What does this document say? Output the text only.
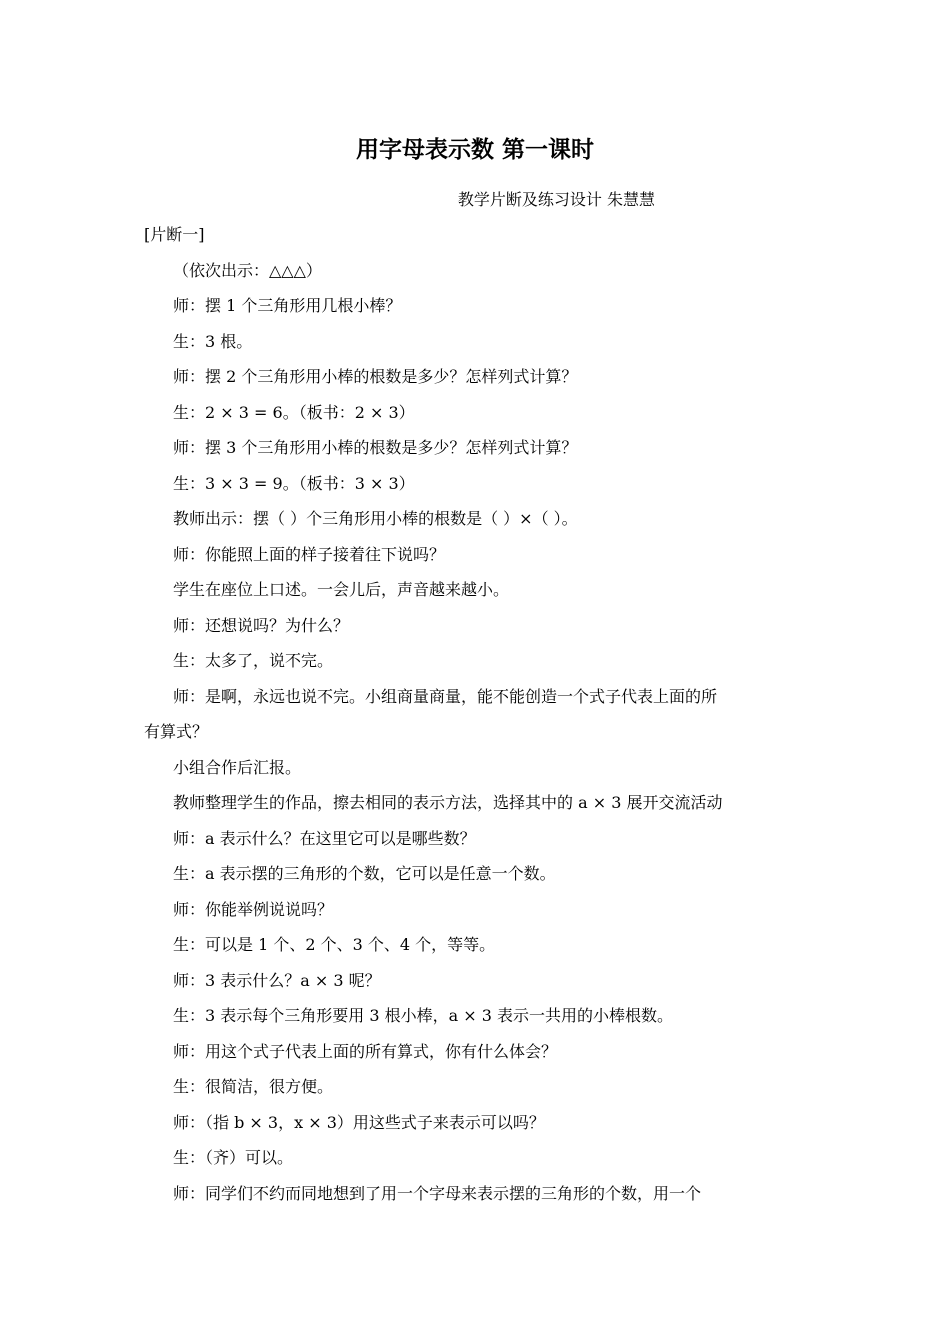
用字母表示数 第一课时
教学片断及练习设计 朱慧慧
[片断一]
（依次出示：△△△）
师：摆 1 个三角形用几根小棒？
生：3 根。
师：摆 2 个三角形用小棒的根数是多少？怎样列式计算？
生：2 × 3 = 6。（板书：2 × 3）
师：摆 3 个三角形用小棒的根数是多少？怎样列式计算？
生：3 × 3 = 9。（板书：3 × 3）
教师出示：摆（ ）个三角形用小棒的根数是（ ）×（ ）。
师：你能照上面的样子接着往下说吗？
学生在座位上口述。一会儿后，声音越来越小。
师：还想说吗？为什么？
生：太多了，说不完。
师：是啊，永远也说不完。小组商量商量，能不能创造一个式子代表上面的所
有算式？
小组合作后汇报。
教师整理学生的作品，擦去相同的表示方法，选择其中的 a × 3 展开交流活动
师：a 表示什么？在这里它可以是哪些数？
生：a 表示摆的三角形的个数，它可以是任意一个数。
师：你能举例说说吗？
生：可以是 1 个、2 个、3 个、4 个，等等。
师：3 表示什么？a × 3 呢？
生：3 表示每个三角形要用 3 根小棒，a × 3 表示一共用的小棒根数。
师：用这个式子代表上面的所有算式，你有什么体会？
生：很简洁，很方便。
师：（指 b × 3，x × 3）用这些式子来表示可以吗？
生：（齐）可以。
师：同学们不约而同地想到了用一个字母来表示摆的三角形的个数，用一个
